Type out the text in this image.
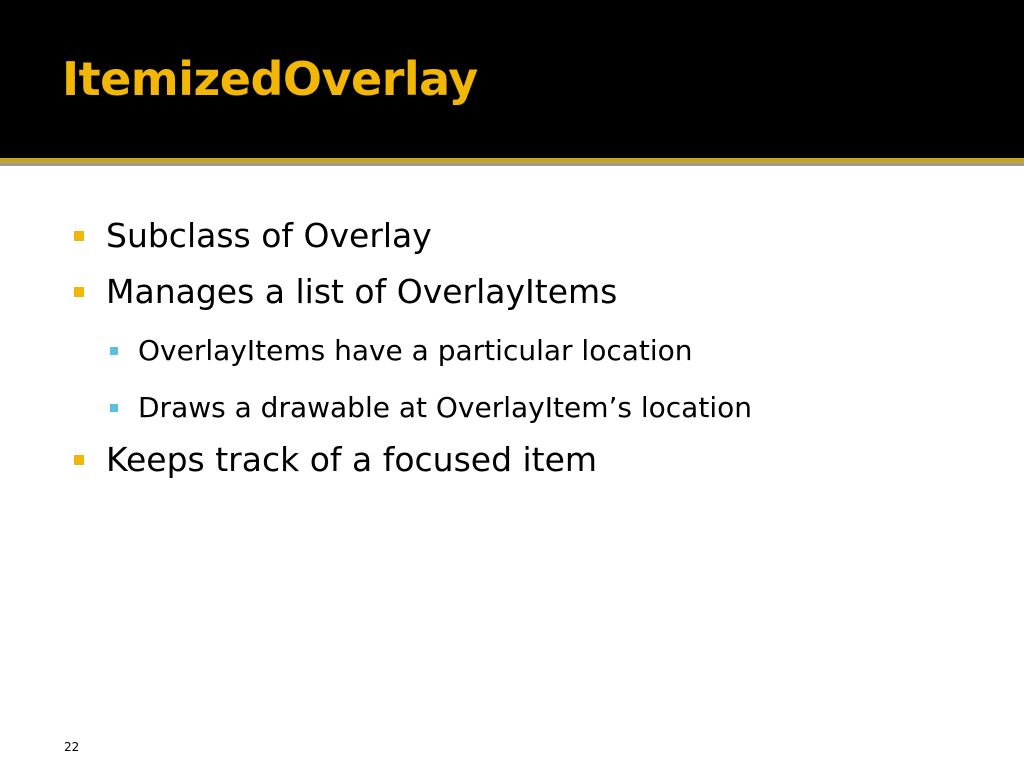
ItemizedOverlay
Subclass of Overlay
Manages a list of OverlayItems
OverlayItems have a particular location
Draws a drawable at OverlayItem’s location
Keeps track of a focused item
22
